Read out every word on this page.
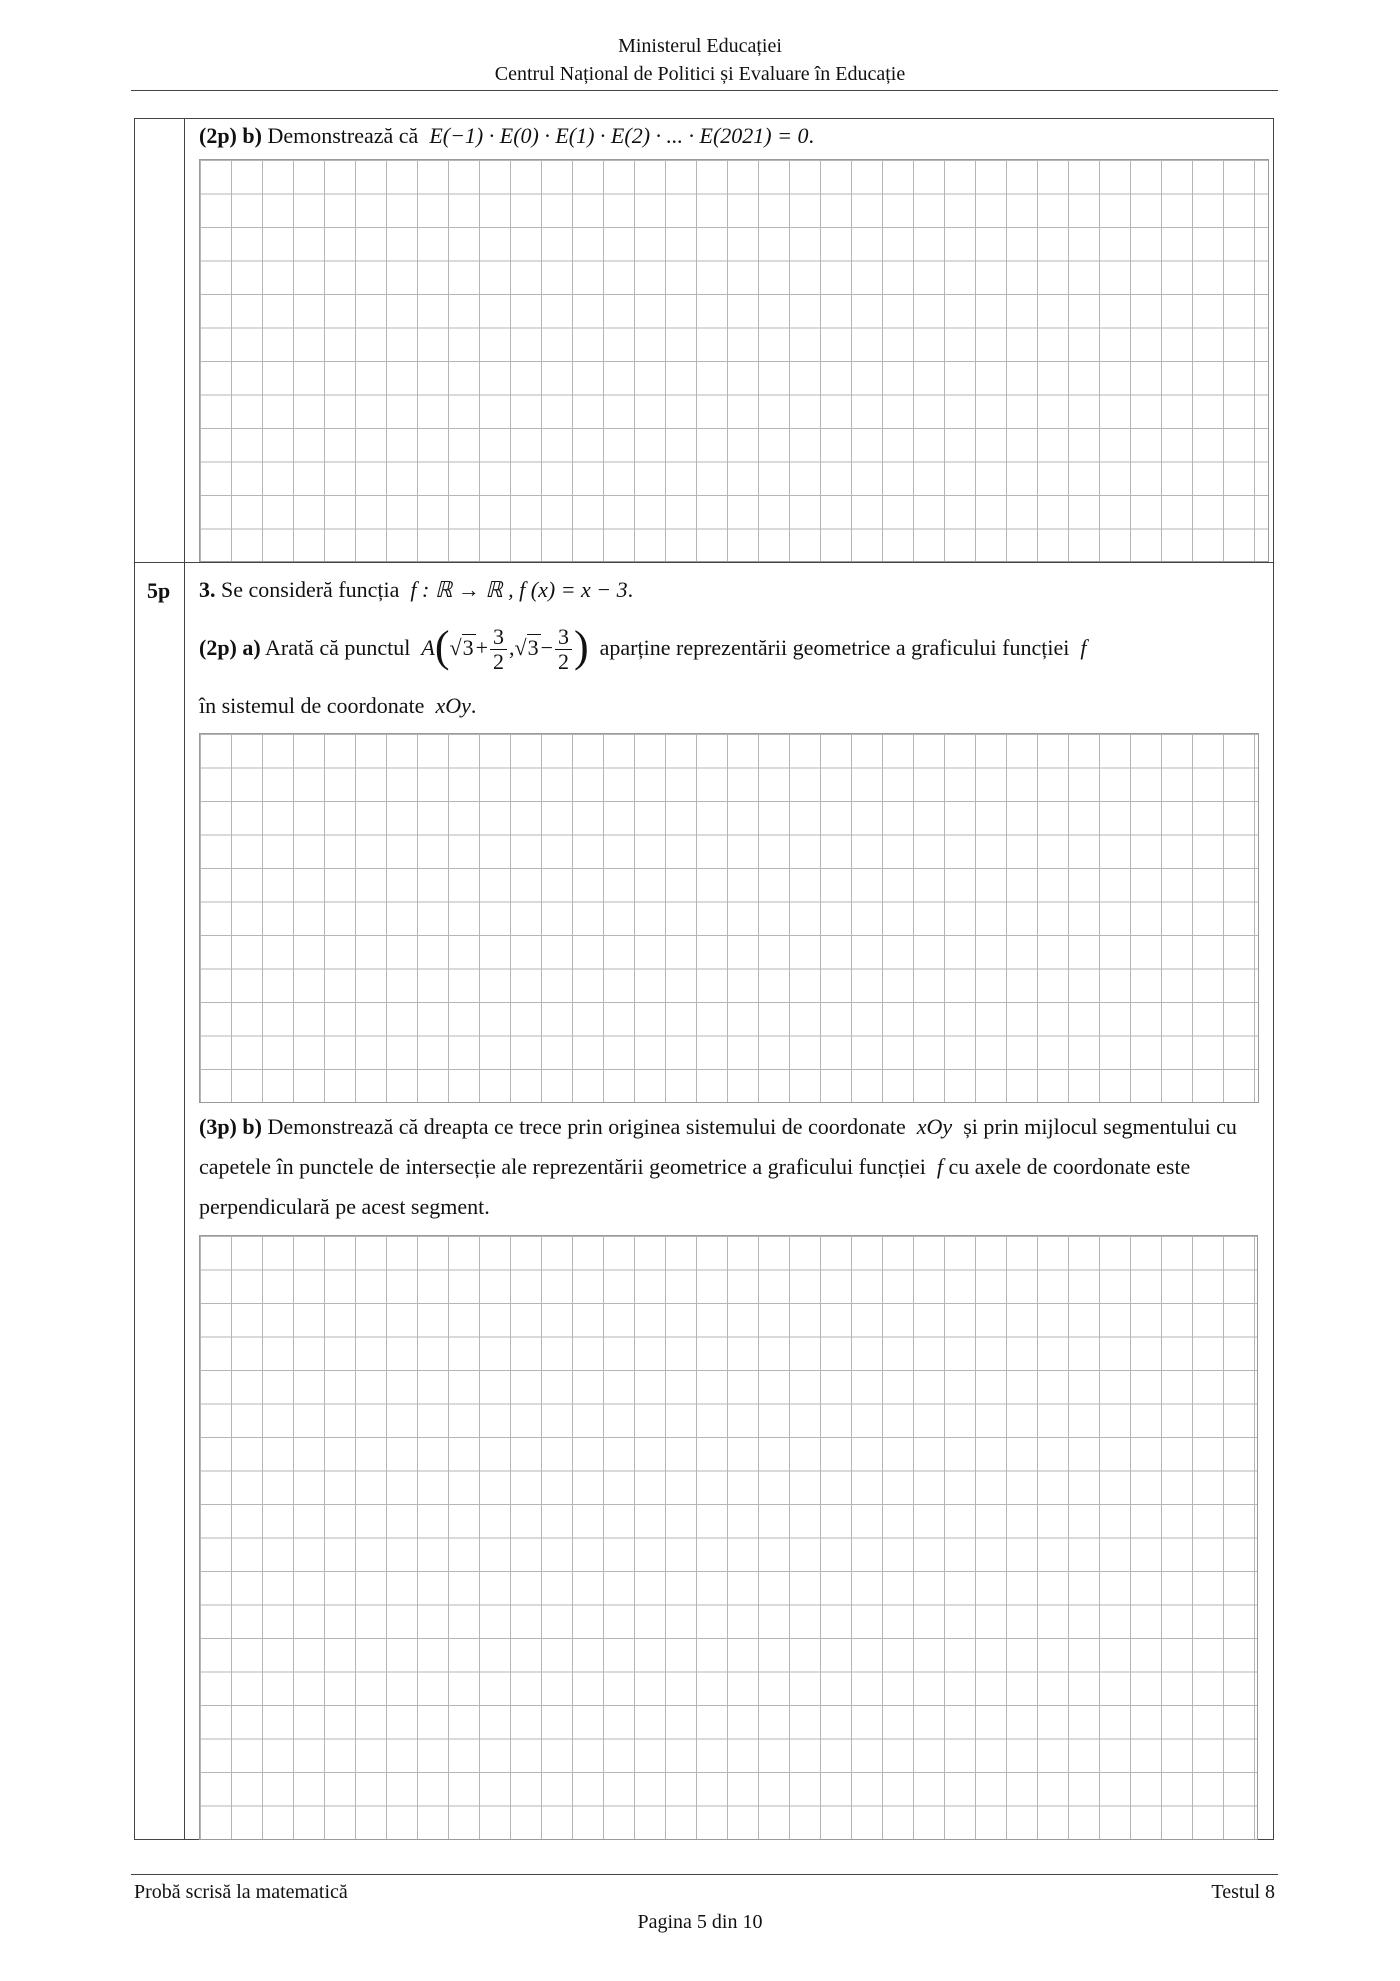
Ministerul Educației
Centrul Național de Politici și Evaluare în Educație
(2p) b) Demonstrează că E(−1) · E(0) · E(1) · E(2) · ... · E(2021) = 0.
5p 3. Se consideră funcția f : ℝ → ℝ , f (x) = x − 3.
(2p) a) Arată că punctul $A(√3+ \frac{3}{2} ,√3- \frac{3}{2}$ ) aparține reprezentării geometrice a graficului funcției f
în sistemul de coordonate xOy.
(3p) b) Demonstrează că dreapta ce trece prin originea sistemului de coordonate xOy și prin mijlocul segmentului cu capetele în punctele de intersecție ale reprezentării geometrice a graficului funcției f cu axele de coordonate este perpendiculară pe acest segment.
Probă scrisă la matematică	Testul 8
Pagina 5 din 10
